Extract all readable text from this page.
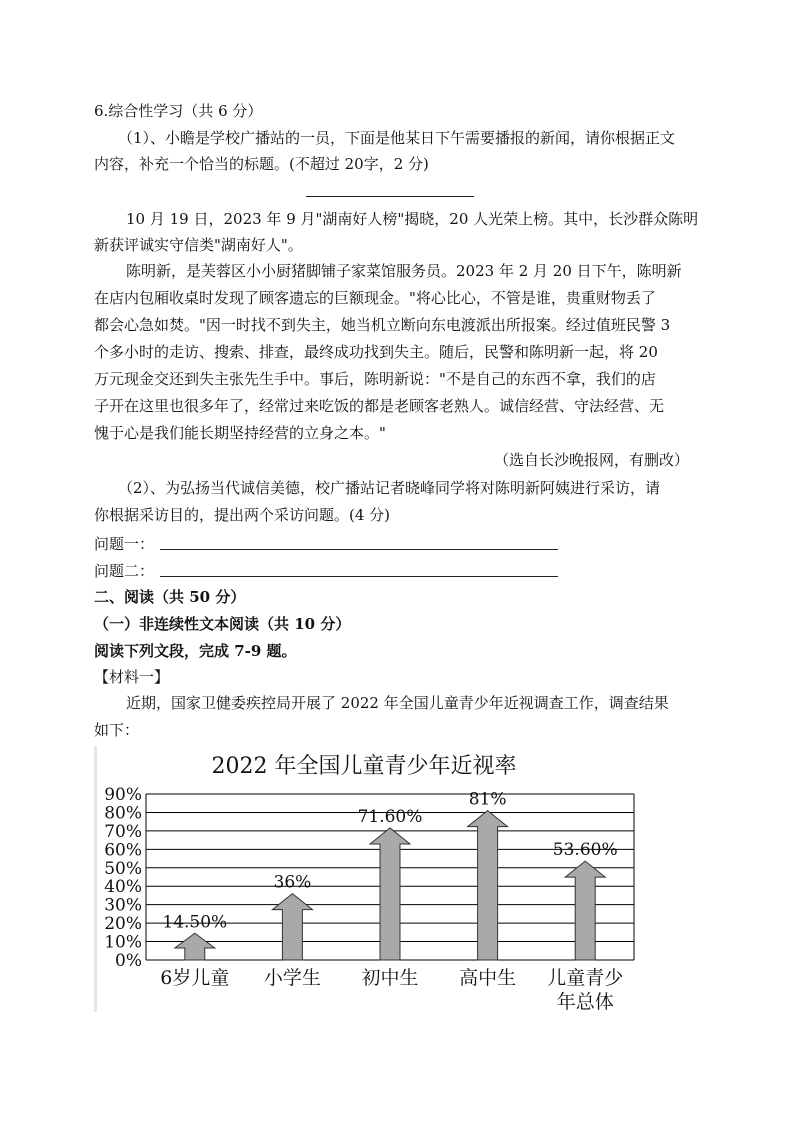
6.综合性学习（共 6 分）
（1）、小瞻是学校广播站的一员，下面是他某日下午需要播报的新闻，请你根据正文
内容，补充一个恰当的标题。(不超过 20字，2 分)
10 月 19 日，2023 年 9 月"湖南好人榜"揭晓，20 人光荣上榜。其中，长沙群众陈明
新获评诚实守信类"湖南好人"。
陈明新，是芙蓉区小小厨猪脚铺子家菜馆服务员。2023 年 2 月 20 日下午，陈明新
在店内包厢收桌时发现了顾客遗忘的巨额现金。"将心比心，不管是谁，贵重财物丢了
都会心急如焚。"因一时找不到失主，她当机立断向东电渡派出所报案。经过值班民警 3
个多小时的走访、搜索、排查，最终成功找到失主。随后，民警和陈明新一起，将 20
万元现金交还到失主张先生手中。事后，陈明新说："不是自己的东西不拿，我们的店
子开在这里也很多年了，经常过来吃饭的都是老顾客老熟人。诚信经营、守法经营、无
愧于心是我们能长期坚持经营的立身之本。"
（选自长沙晚报网，有删改）
（2）、为弘扬当代诚信美德，校广播站记者晓峰同学将对陈明新阿姨进行采访，请
你根据采访目的，提出两个采访问题。(4 分)
问题一：
问题二：
二、阅读（共 50 分）
（一）非连续性文本阅读（共 10 分）
阅读下列文段，完成 7-9 题。
【材料一】
近期，国家卫健委疾控局开展了 2022 年全国儿童青少年近视调查工作，调查结果
如下：
2022 年全国儿童青少年近视率
0%
10%
20%
30%
40%
50%
60%
70%
80%
90%
6岁儿童 小学生 初中生 高中生 儿童青少
年总体
14.50%
36%
71.60%
81%
53.60%
